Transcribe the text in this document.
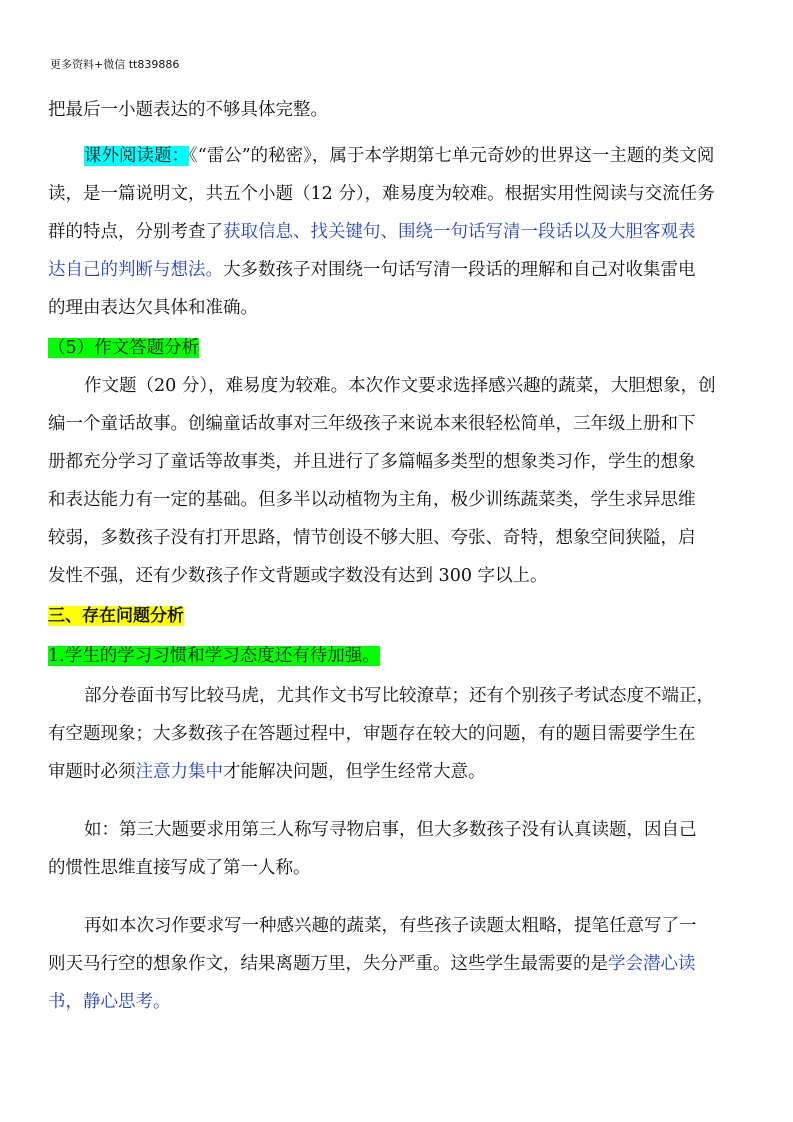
更多资料+微信 tt839886
把最后一小题表达的不够具体完整。
课外阅读题：《“雷公”的秘密》，属于本学期第七单元奇妙的世界这一主题的类文阅
读，是一篇说明文，共五个小题（12 分），难易度为较难。根据实用性阅读与交流任务
群的特点，分别考查了获取信息、找关键句、围绕一句话写清一段话以及大胆客观表
达自己的判断与想法。大多数孩子对围绕一句话写清一段话的理解和自己对收集雷电
的理由表达欠具体和准确。
（5）作文答题分析
作文题（20 分），难易度为较难。本次作文要求选择感兴趣的蔬菜，大胆想象，创
编一个童话故事。创编童话故事对三年级孩子来说本来很轻松简单，三年级上册和下
册都充分学习了童话等故事类，并且进行了多篇幅多类型的想象类习作，学生的想象
和表达能力有一定的基础。但多半以动植物为主角，极少训练蔬菜类，学生求异思维
较弱，多数孩子没有打开思路，情节创设不够大胆、夸张、奇特，想象空间狭隘，启
发性不强，还有少数孩子作文背题或字数没有达到 300 字以上。
三、存在问题分析
1.学生的学习习惯和学习态度还有待加强。
部分卷面书写比较马虎，尤其作文书写比较潦草；还有个别孩子考试态度不端正，
有空题现象；大多数孩子在答题过程中，审题存在较大的问题，有的题目需要学生在
审题时必须注意力集中才能解决问题，但学生经常大意。
如：第三大题要求用第三人称写寻物启事，但大多数孩子没有认真读题，因自己
的惯性思维直接写成了第一人称。
再如本次习作要求写一种感兴趣的蔬菜，有些孩子读题太粗略，提笔任意写了一
则天马行空的想象作文，结果离题万里，失分严重。这些学生最需要的是学会潜心读
书，静心思考。
